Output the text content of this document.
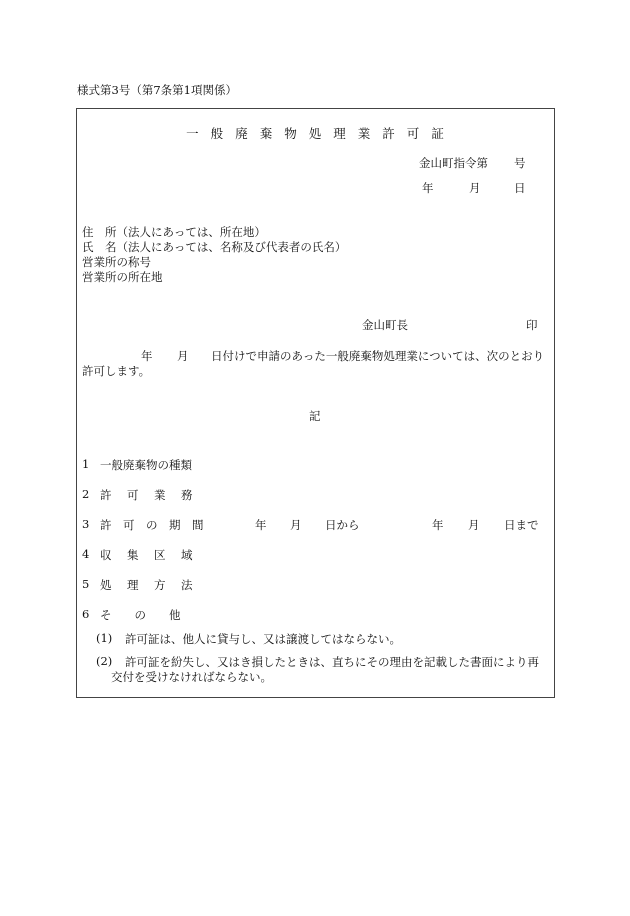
様式第3号（第7条第1項関係）
一 般 廃 棄 物 処 理 業 許 可 証
金山町指令第 号
年	月	日
住　所（法人にあっては、所在地）
氏　名（法人にあっては、名称及び代表者の氏名）
営業所の称号
営業所の所在地
金山町長	印
年 月 日付けで申請のあった一般廃棄物処理業については、次のとおり
許可します。
記
1 一般廃棄物の種類
2 許　可　業　務
3 許　可　の　期　間	年 月 日から	年 月 日まで
4 収　集　区　域
5 処　理　方　法
6 そ　　の　　他
(1) 許可証は、他人に貸与し、又は譲渡してはならない。
(2) 許可証を紛失し、又はき損したときは、直ちにその理由を記載した書面により再
交付を受けなければならない。
